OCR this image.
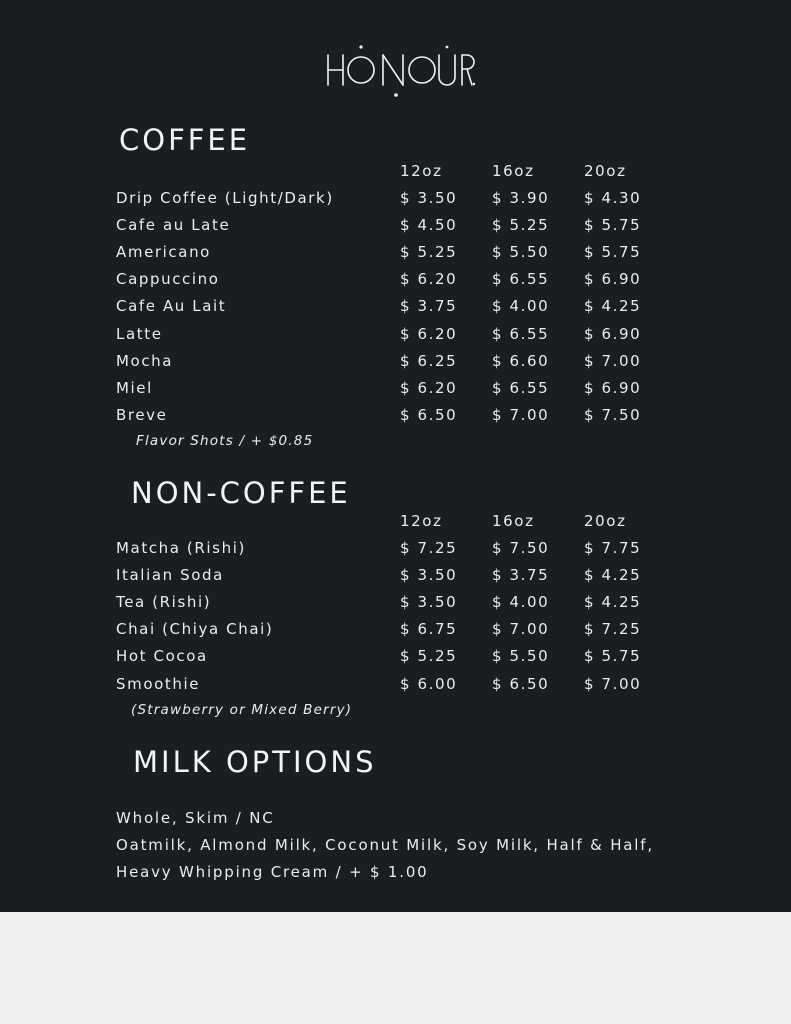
COFFEE
12oz	16oz	20oz
Drip Coffee (Light/Dark)	$ 3.50 $ 3.90 $ 4.30
Cafe au Late	$ 4.50 $ 5.25 $ 5.75
Americano	$ 5.25 $ 5.50 $ 5.75
Cappuccino	$ 6.20 $ 6.55 $ 6.90
Cafe Au Lait	$ 3.75 $ 4.00 $ 4.25
Latte	$ 6.20 $ 6.55 $ 6.90
Mocha	$ 6.25 $ 6.60 $ 7.00
Miel	$ 6.20 $ 6.55 $ 6.90
Breve	$ 6.50 $ 7.00 $ 7.50
Flavor Shots / + $0.85
NON-COFFEE
12oz	16oz	20oz
Matcha (Rishi)	$ 7.25 $ 7.50 $ 7.75
Italian Soda	$ 3.50 $ 3.75 $ 4.25
Tea (Rishi)	$ 3.50 $ 4.00 $ 4.25
Chai (Chiya Chai)	$ 6.75 $ 7.00 $ 7.25
Hot Cocoa	$ 5.25 $ 5.50 $ 5.75
Smoothie	$ 6.00 $ 6.50 $ 7.00
(Strawberry or Mixed Berry)
MILK OPTIONS
Whole, Skim / NC
Oatmilk, Almond Milk, Coconut Milk, Soy Milk, Half & Half,
Heavy Whipping Cream / + $ 1.00
